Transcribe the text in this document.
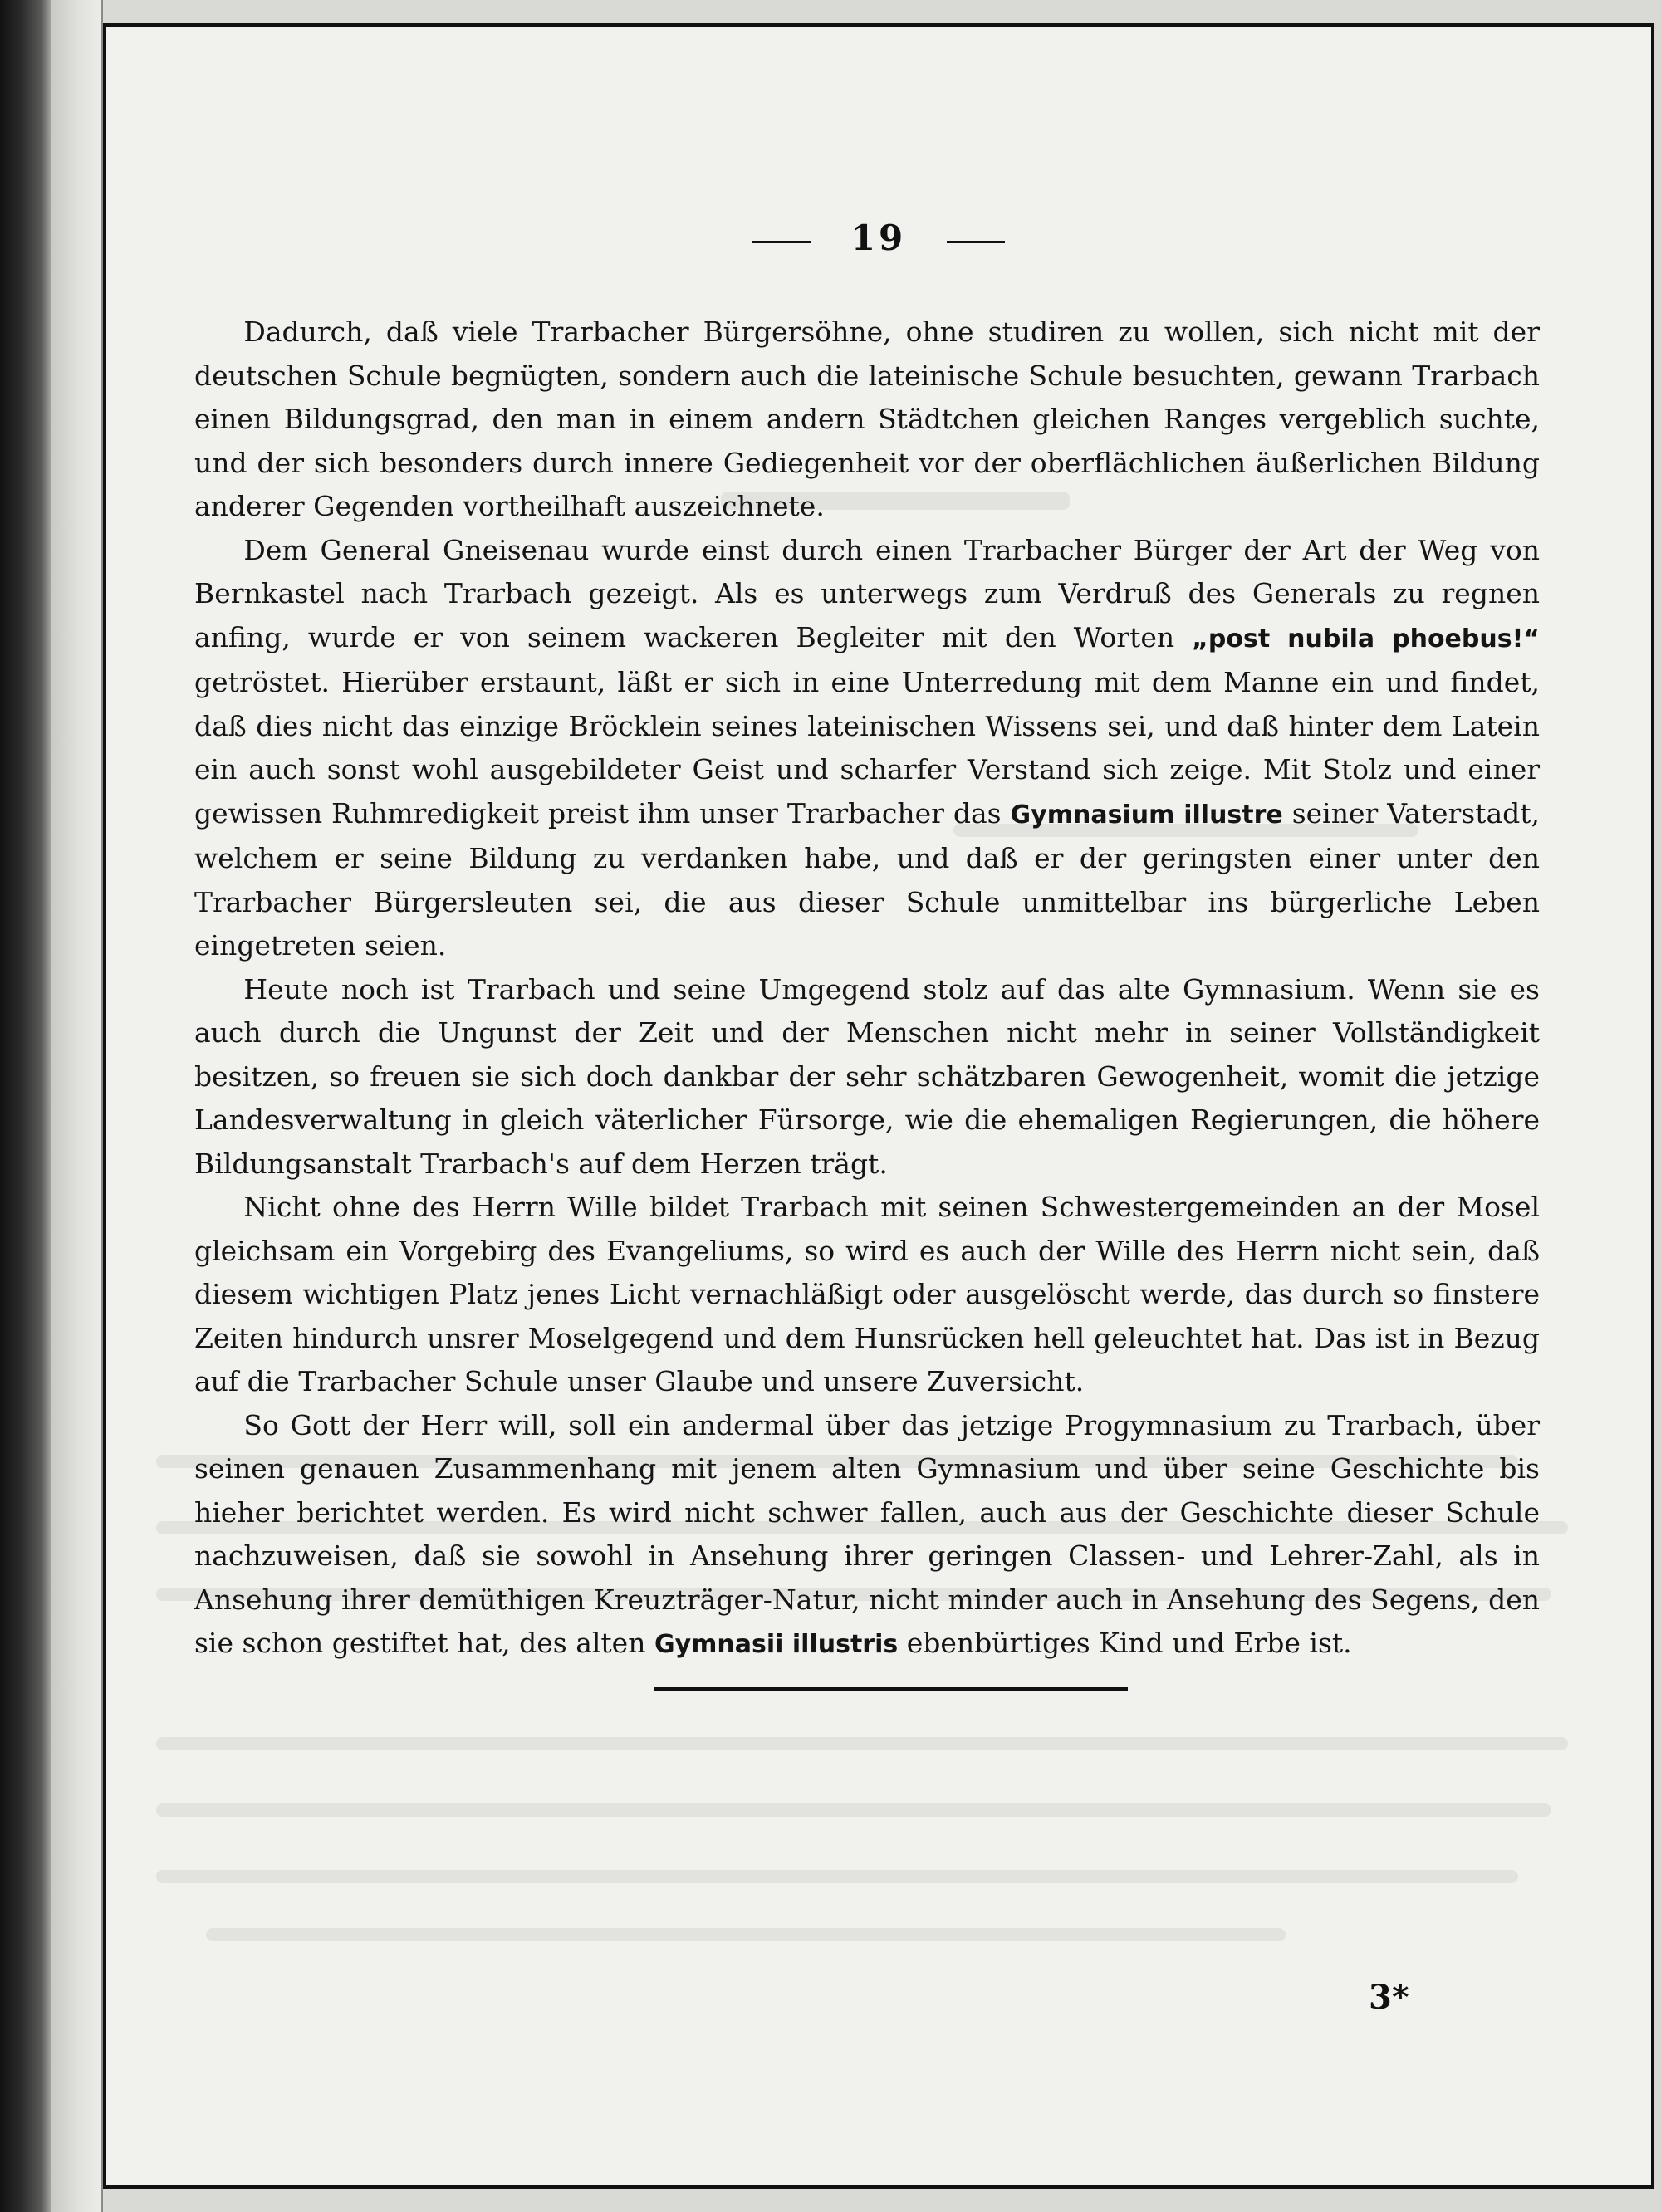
19

Dadurch, daß viele Trarbacher Bürgersöhne, ohne studiren zu wollen, sich nicht mit der deutschen Schule begnügten, sondern auch die lateinische Schule besuchten, gewann Trarbach einen Bildungsgrad, den man in einem andern Städtchen gleichen Ranges vergeblich suchte, und der sich besonders durch innere Gediegenheit vor der oberflächlichen äußerlichen Bildung anderer Gegenden vortheilhaft auszeichnete.

Dem General Gneisenau wurde einst durch einen Trarbacher Bürger der Art der Weg von Bernkastel nach Trarbach gezeigt. Als es unterwegs zum Verdruß des Generals zu regnen anfing, wurde er von seinem wackeren Begleiter mit den Worten „post nubila phoebus!“ getröstet. Hierüber erstaunt, läßt er sich in eine Unterredung mit dem Manne ein und findet, daß dies nicht das einzige Bröcklein seines lateinischen Wissens sei, und daß hinter dem Latein ein auch sonst wohl ausgebildeter Geist und scharfer Verstand sich zeige. Mit Stolz und einer gewissen Ruhmredigkeit preist ihm unser Trarbacher das Gymnasium illustre seiner Vaterstadt, welchem er seine Bildung zu verdanken habe, und daß er der geringsten einer unter den Trarbacher Bürgersleuten sei, die aus dieser Schule unmittelbar ins bürgerliche Leben eingetreten seien.

Heute noch ist Trarbach und seine Umgegend stolz auf das alte Gymnasium. Wenn sie es auch durch die Ungunst der Zeit und der Menschen nicht mehr in seiner Vollständigkeit besitzen, so freuen sie sich doch dankbar der sehr schätzbaren Gewogenheit, womit die jetzige Landesverwaltung in gleich väterlicher Fürsorge, wie die ehemaligen Regierungen, die höhere Bildungsanstalt Trarbach's auf dem Herzen trägt.

Nicht ohne des Herrn Wille bildet Trarbach mit seinen Schwestergemeinden an der Mosel gleichsam ein Vorgebirg des Evangeliums, so wird es auch der Wille des Herrn nicht sein, daß diesem wichtigen Platz jenes Licht vernachläßigt oder ausgelöscht werde, das durch so finstere Zeiten hindurch unsrer Moselgegend und dem Hunsrücken hell geleuchtet hat. Das ist in Bezug auf die Trarbacher Schule unser Glaube und unsere Zuversicht.

So Gott der Herr will, soll ein andermal über das jetzige Progymnasium zu Trarbach, über seinen genauen Zusammenhang mit jenem alten Gymnasium und über seine Geschichte bis hieher berichtet werden. Es wird nicht schwer fallen, auch aus der Geschichte dieser Schule nachzuweisen, daß sie sowohl in Ansehung ihrer geringen Classen- und Lehrer-Zahl, als in Ansehung ihrer demüthigen Kreuzträger-Natur, nicht minder auch in Ansehung des Segens, den sie schon gestiftet hat, des alten Gymnasii illustris ebenbürtiges Kind und Erbe ist.

3*
